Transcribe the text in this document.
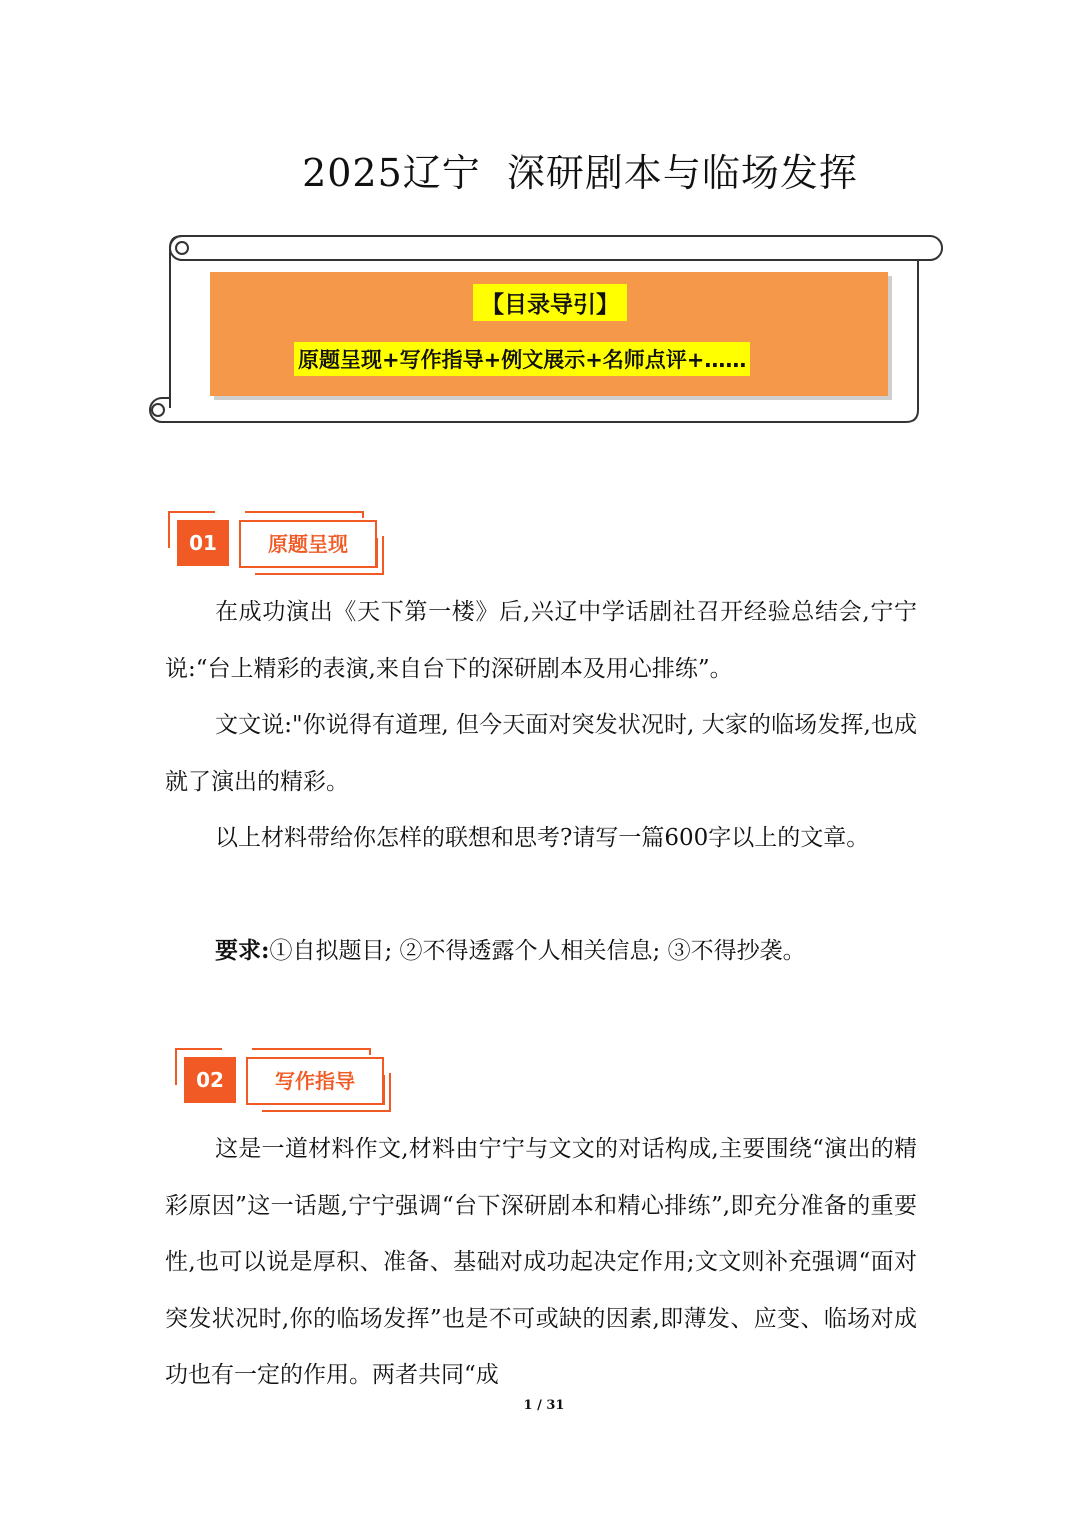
2025辽宁  深研剧本与临场发挥
【目录导引】
原题呈现+写作指导+例文展示+名师点评+……
01	原题呈现

在成功演出《天下第一楼》后,兴辽中学话剧社召开经验总结会,宁宁说:“台上精彩的表演,来自台下的深研剧本及用心排练”。

文文说:"你说得有道理, 但今天面对突发状况时, 大家的临场发挥,也成就了演出的精彩。

以上材料带给你怎样的联想和思考?请写一篇600字以上的文章。

要求:①自拟题目; ②不得透露个人相关信息; ③不得抄袭。

02	写作指导

这是一道材料作文,材料由宁宁与文文的对话构成,主要围绕“演出的精彩原因”这一话题,宁宁强调“台下深研剧本和精心排练”,即充分准备的重要性,也可以说是厚积、准备、基础对成功起决定作用;文文则补充强调“面对突发状况时,你的临场发挥”也是不可或缺的因素,即薄发、应变、临场对成功也有一定的作用。两者共同“成

1 / 31
